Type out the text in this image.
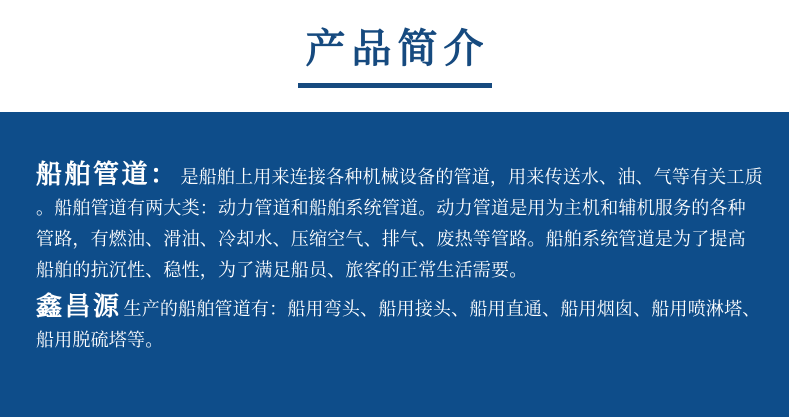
产品简介

船舶管道： 是船舶上用来连接各种机械设备的管道，用来传送水、油、气等有关工质
。船舶管道有两大类：动力管道和船舶系统管道。动力管道是用为主机和辅机服务的各种
管路，有燃油、滑油、冷却水、压缩空气、排气、废热等管路。船舶系统管道是为了提高
船舶的抗沉性、稳性，为了满足船员、旅客的正常生活需要。

鑫昌源 生产的船舶管道有：船用弯头、船用接头、船用直通、船用烟囱、船用喷淋塔、
船用脱硫塔等。
